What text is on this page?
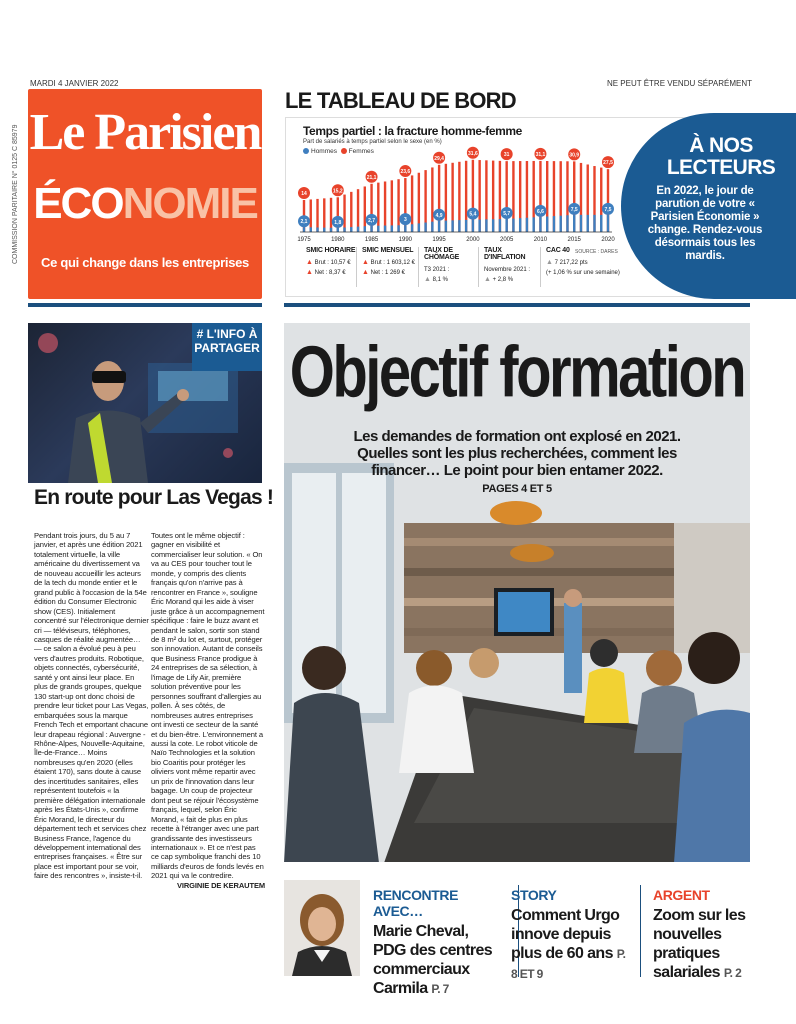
MARDI 4 JANVIER 2022	NE PEUT ÊTRE VENDU SÉPARÉMENT
COMMISSION PARITAIRE N° 0125 C 85979 Le Parisien
ÉCONOMIE
Ce qui change dans les entreprises
LE TABLEAU DE BORD
Temps partiel : la fracture homme-femme
Part de salariés à temps partiel selon le sexe (en %)
Hommes Femmes
1975
14
2,1
1980
15,2
1,8
1985
21,1
2,7
1990
23,6
3
1995
29,4
4,9
2000
31,6
5,4
2005
31
5,7
2010
31,1
6,6
2015
30,9
7,5
2020
27,5
7,5
SOURCE : DARES
SMIC HORAIRE
▲ Brut : 10,57 €
▲ Net : 8,37 €
SMIC MENSUEL
▲ Brut : 1 603,12 €
▲ Net : 1 269 €
TAUX DE CHÔMAGE
T3 2021 :
▲ 8,1 %
TAUX D'INFLATION
Novembre 2021 :
▲ + 2,8 %
CAC 40
▲ 7 217,22 pts
(+ 1,06 % sur une semaine)
À NOS LECTEURS
En 2022, le jour de parution de votre « Parisien Économie » change. Rendez-vous désormais tous les mardis.
# L'INFO À
PARTAGER
En route pour Las Vegas !
Pendant trois jours, du 5 au 7 janvier, et après une édition 2021 totalement virtuelle, la ville américaine du divertissement va de nouveau accueillir les acteurs de la tech du monde entier et le grand public à l'occasion de la 54e édition du Consumer Electronic show (CES). Initialement concentré sur l'électronique dernier cri — téléviseurs, téléphones, casques de réalité augmentée… — ce salon a évolué peu à peu vers d'autres produits. Robotique, objets connectés, cybersécurité, santé y ont ainsi leur place. En plus de grands groupes, quelque 130 start-up ont donc choisi de prendre leur ticket pour Las Vegas, embarquées sous la marque French Tech et emportant chacune leur drapeau régional : Auvergne - Rhône-Alpes, Nouvelle-Aquitaine, Île-de-France… Moins nombreuses qu'en 2020 (elles étaient 170), sans doute à cause des incertitudes sanitaires, elles représentent toutefois « la première délégation internationale après les États-Unis », confirme Éric Morand, le directeur du département tech et services chez Business France, l'agence du développement international des entreprises françaises. « Être sur place est important pour se voir, faire des rencontres », insiste-t-il.
Toutes ont le même objectif : gagner en visibilité et commercialiser leur solution. « On va au CES pour toucher tout le monde, y compris des clients français qu'on n'arrive pas à rencontrer en France », souligne Éric Morand qui les aide à viser juste grâce à un accompagnement spécifique : faire le buzz avant et pendant le salon, sortir son stand de 8 m² du lot et, surtout, protéger son innovation. Autant de conseils que Business France prodigue à 24 entreprises de sa sélection, à l'image de Lify Air, première solution préventive pour les personnes souffrant d'allergies au pollen. À ses côtés, de nombreuses autres entreprises ont investi ce secteur de la santé et du bien-être. L'environnement a aussi la cote. Le robot viticole de Naïo Technologies et la solution bio Coaritis pour protéger les oliviers vont même repartir avec un prix de l'innovation dans leur bagage. Un coup de projecteur dont peut se réjouir l'écosystème français, lequel, selon Éric Morand, « fait de plus en plus recette à l'étranger avec une part grandissante des investisseurs internationaux ». Et ce n'est pas ce cap symbolique franchi des 10 milliards d'euros de fonds levés en 2021 qui va le contredire.
VIRGINIE DE KERAUTEM
Objectif formation
Les demandes de formation ont explosé en 2021. Quelles sont les plus recherchées, comment les financer… Le point pour bien entamer 2022.
PAGES 4 ET 5
RENCONTRE AVEC…
Marie Cheval, PDG des centres commerciaux Carmila P. 7
STORY
Comment Urgo innove depuis plus de 60 ans P. 8 ET 9
ARGENT
Zoom sur les nouvelles pratiques salariales P. 2
